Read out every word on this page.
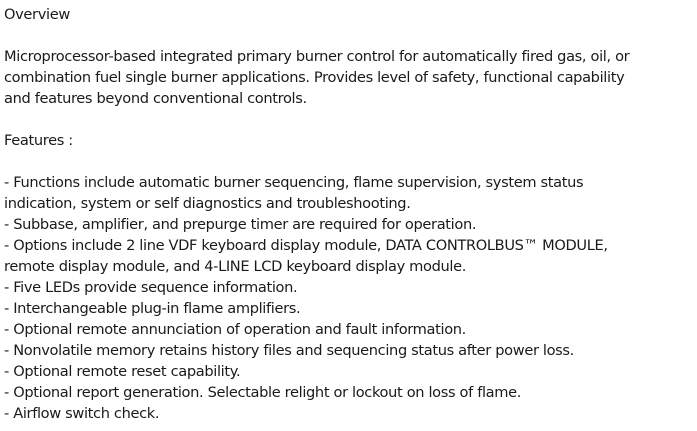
Overview

Microprocessor-based integrated primary burner control for automatically fired gas, oil, or

combination fuel single burner applications. Provides level of safety, functional capability

and features beyond conventional controls.

Features :

- Functions include automatic burner sequencing, flame supervision, system status
indication, system or self diagnostics and troubleshooting.
- Subbase, amplifier, and prepurge timer are required for operation.
- Options include 2 line VDF keyboard display module, DATA CONTROLBUS™ MODULE,
remote display module, and 4-LINE LCD keyboard display module.
- Five LEDs provide sequence information.
- Interchangeable plug-in flame amplifiers.
- Optional remote annunciation of operation and fault information.
- Nonvolatile memory retains history files and sequencing status after power loss.
- Optional remote reset capability.
- Optional report generation. Selectable relight or lockout on loss of flame.
- Airflow switch check.
